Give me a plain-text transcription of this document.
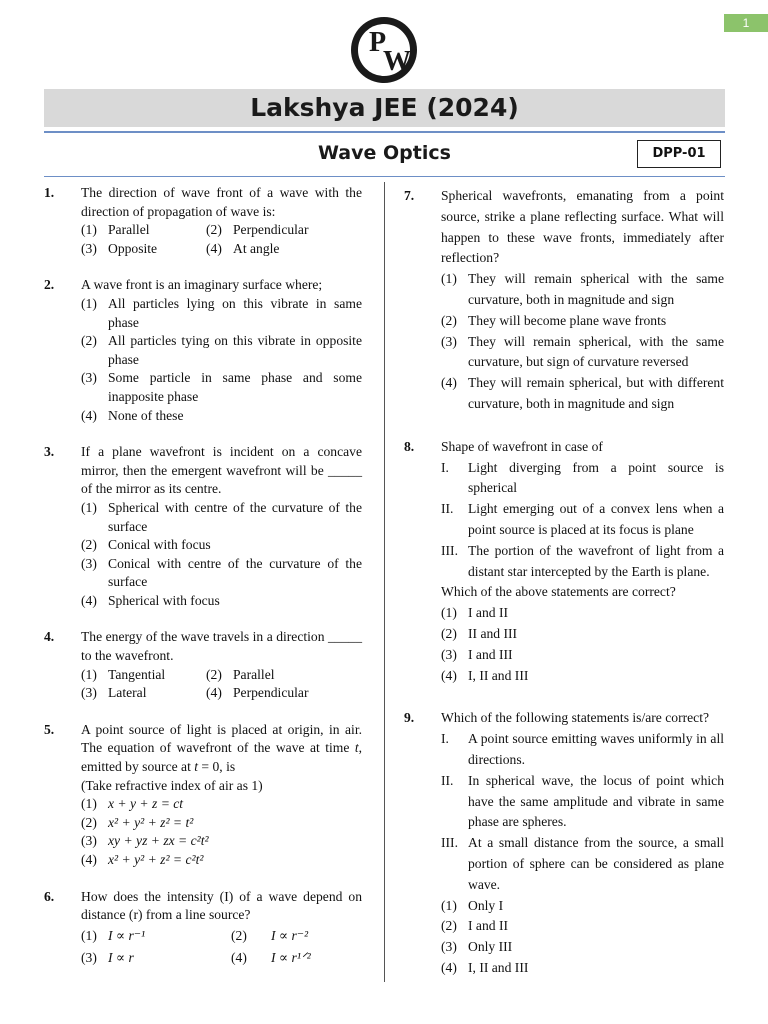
1
P
W
Lakshya JEE (2024)
Wave Optics	DPP-01
1. The direction of wave front of a wave with the direction of propagation of wave is:
(1) Parallel	(2) Perpendicular
(3) Opposite	(4) At angle
2. A wave front is an imaginary surface where;
(1) All particles lying on this vibrate in same phase
(2) All particles tying on this vibrate in opposite phase
(3) Some particle in same phase and some inapposite phase
(4) None of these
3. If a plane wavefront is incident on a concave mirror, then the emergent wavefront will be _____ of the mirror as its centre.
(1) Spherical with centre of the curvature of the surface
(2) Conical with focus
(3) Conical with centre of the curvature of the surface
(4) Spherical with focus
4. The energy of the wave travels in a direction _____ to the wavefront.
(1) Tangential	(2) Parallel
(3) Lateral	(4) Perpendicular
5. A point source of light is placed at origin, in air. The equation of wavefront of the wave at time t, emitted by source at t = 0, is
(Take refractive index of air as 1)
(1) x + y + z = ct
(2) x² + y² + z² = t²
(3) xy + yz + zx = c²t²
(4) x² + y² + z² = c²t²
6. How does the intensity (I) of a wave depend on distance (r) from a line source?
(1) I ∝ r⁻¹	(2) I ∝ r⁻²
(3) I ∝ r	(4) I ∝ r¹ᐟ²
7. Spherical wavefronts, emanating from a point source, strike a plane reflecting surface. What will happen to these wave fronts, immediately after reflection?
(1) They will remain spherical with the same curvature, both in magnitude and sign
(2) They will become plane wave fronts
(3) They will remain spherical, with the same curvature, but sign of curvature reversed
(4) They will remain spherical, but with different curvature, both in magnitude and sign
8. Shape of wavefront in case of
I. Light diverging from a point source is spherical
II. Light emerging out of a convex lens when a point source is placed at its focus is plane
III. The portion of the wavefront of light from a distant star intercepted by the Earth is plane.
Which of the above statements are correct?
(1) I and II
(2) II and III
(3) I and III
(4) I, II and III
9. Which of the following statements is/are correct?
I. A point source emitting waves uniformly in all directions.
II. In spherical wave, the locus of point which have the same amplitude and vibrate in same phase are spheres.
III. At a small distance from the source, a small portion of sphere can be considered as plane wave.
(1) Only I
(2) I and II
(3) Only III
(4) I, II and III
